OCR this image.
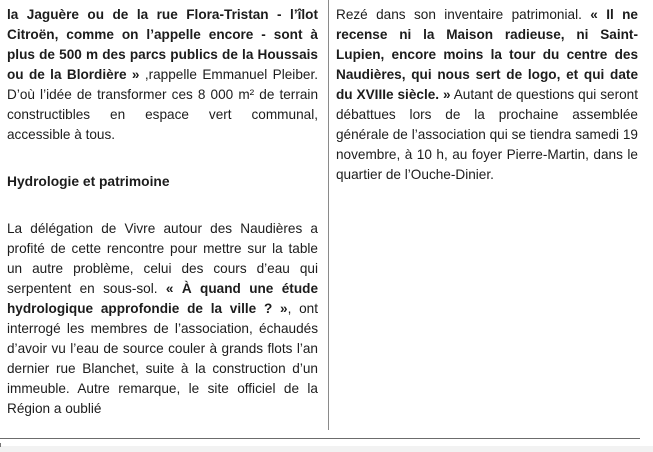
la Jaguère ou de la rue Flora-Tristan - l’îlot Citroën, comme on l’appelle encore - sont à plus de 500 m des parcs publics de la Houssais ou de la Blordière » ,rappelle Emmanuel Pleiber. D’où l’idée de transformer ces 8 000 m² de terrain constructibles en espace vert communal, accessible à tous.

Hydrologie et patrimoine

La délégation de Vivre autour des Naudières a profité de cette rencontre pour mettre sur la table un autre problème, celui des cours d’eau qui serpentent en sous-sol. « À quand une étude hydrologique approfondie de la ville ? », ont interrogé les membres de l’association, échaudés d’avoir vu l’eau de source couler à grands flots l’an dernier rue Blanchet, suite à la construction d’un immeuble. Autre remarque, le site officiel de la Région a oublié

Rezé dans son inventaire patrimonial. « Il ne recense ni la Maison radieuse, ni Saint-Lupien, encore moins la tour du centre des Naudières, qui nous sert de logo, et qui date du XVIIIe siècle. » Autant de questions qui seront débattues lors de la prochaine assemblée générale de l’association qui se tiendra samedi 19 novembre, à 10 h, au foyer Pierre-Martin, dans le quartier de l’Ouche-Dinier.
